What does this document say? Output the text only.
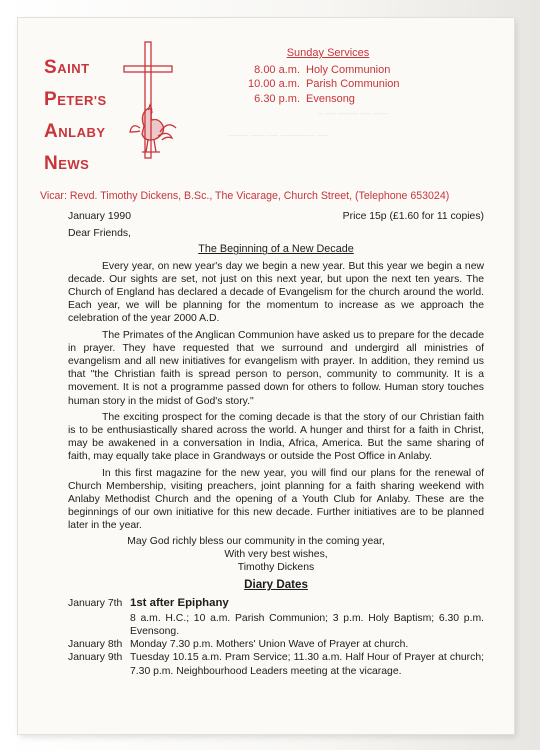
SAINT
PETER'S
ANLABY
NEWS
Sunday Services
8.00 a.m. Holy Communion
10.00 a.m. Parish Communion
6.30 p.m. Evensong
‒ ‒‒ ‒‒‒‒ ‒‒ ‒‒‒
‒‒‒‒ ‒‒‒ ‒‒ ‒‒‒‒‒‒‒ ‒‒
Vicar: Revd. Timothy Dickens, B.Sc., The Vicarage, Church Street, (Telephone 653024)
January 1990	Price 15p (£1.60 for 11 copies)
Dear Friends,
The Beginning of a New Decade

Every year, on new year's day we begin a new year. But this year we begin a new decade. Our sights are set, not just on this next year, but upon the next ten years. The Church of England has declared a decade of Evangelism for the church around the world. Each year, we will be planning for the momentum to increase as we approach the celebration of the year 2000 A.D.

The Primates of the Anglican Communion have asked us to prepare for the decade in prayer. They have requested that we surround and undergird all ministries of evangelism and all new initiatives for evangelism with prayer. In addition, they remind us that "the Christian faith is spread person to person, community to community. It is a movement. It is not a programme passed down for others to follow. Human story touches human story in the midst of God's story."

The exciting prospect for the coming decade is that the story of our Christian faith is to be enthusiastically shared across the world. A hunger and thirst for a faith in Christ, may be awakened in a conversation in India, Africa, America. But the same sharing of faith, may equally take place in Grandways or outside the Post Office in Anlaby.

In this first magazine for the new year, you will find our plans for the renewal of Church Membership, visiting preachers, joint planning for a faith sharing weekend with Anlaby Methodist Church and the opening of a Youth Club for Anlaby. These are the beginnings of our own initiative for this new decade. Further initiatives are to be planned later in the year.

May God richly bless our community in the coming year,
With very best wishes,
Timothy Dickens
Diary Dates
January 7th 1st after Epiphany
8 a.m. H.C.; 10 a.m. Parish Communion; 3 p.m. Holy Baptism; 6.30 p.m. Evensong.
January 8th Monday 7.30 p.m. Mothers' Union Wave of Prayer at church.
January 9th Tuesday 10.15 a.m. Pram Service; 11.30 a.m. Half Hour of Prayer at church; 7.30 p.m. Neighbourhood Leaders meeting at the vicarage.
